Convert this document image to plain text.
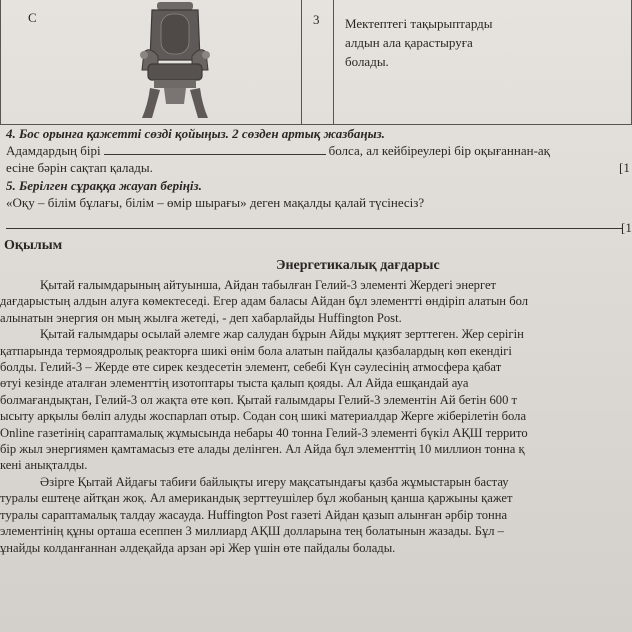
С	3 Мектептегі тақырыптарды
алдын ала қарастыруға
болады.
4. Бос орынға қажетті сөзді қойыңыз. 2 сөзден артық жазбаңыз.
Адамдардың бірі	болса, ал кейбіреулері бір оқығаннан-ақ
есіне бәрін сақтап қалады.	[1
5. Берілген сұраққа жауап беріңіз.
«Оқу – білім бұлағы, білім – өмір шырағы» деген мақалды қалай түсінесіз?
[1
Оқылым
Энергетикалық дағдарыс
Қытай ғалымдарының айтуынша, Айдан табылған Гелий-3 элементі Жердегі энергет
дағдарыстың алдын алуға көмектеседі. Егер адам баласы Айдан бұл элементті өндіріп алатын бол
алынатын энергия он мың жылға жетеді, - деп хабарлайды Huffington Post.
Қытай ғалымдары осылай әлемге жар салудан бұрын Айды мұқият зерттеген. Жер серігін
қатпарында термоядролық реакторға шикі өнім бола алатын пайдалы қазбалардың көп екендігі
болды. Гелий-3 – Жерде өте сирек кездесетін элемент, себебі Күн сәулесінің атмосфера қабат
өтуі кезінде аталған элементтің изотоптары тыста қалып қояды. Ал Айда ешқандай ауа
болмағандықтан, Гелий-3 ол жақта өте көп. Қытай ғалымдары Гелий-3 элементін Ай бетін 600 т
ысыту арқылы бөліп алуды жоспарлап отыр. Содан соң шикі материалдар Жерге жіберілетін бола
Online газетінің сараптамалық жұмысында небары 40 тонна Гелий-3 элементі бүкіл АҚШ террито
бір жыл энергиямен қамтамасыз ете алады делінген. Ал Айда бұл элементтің 10 миллион тонна қ
кені анықталды.
Әзірге Қытай Айдағы табиғи байлықты игеру мақсатындағы қазба жұмыстарын бастау
туралы ештеңе айтқан жоқ. Ал американдық зерттеушілер бұл жобаның қанша қаржыны қажет
туралы сараптамалық талдау жасауда. Huffington Post газеті Айдан қазып алынған әрбір тонна
элементінің құны орташа есеппен 3 миллиард АҚШ долларына тең болатынын жазады. Бұл –
ұнайды колданғаннан әлдеқайда арзан әрі Жер үшін өте пайдалы болады.
